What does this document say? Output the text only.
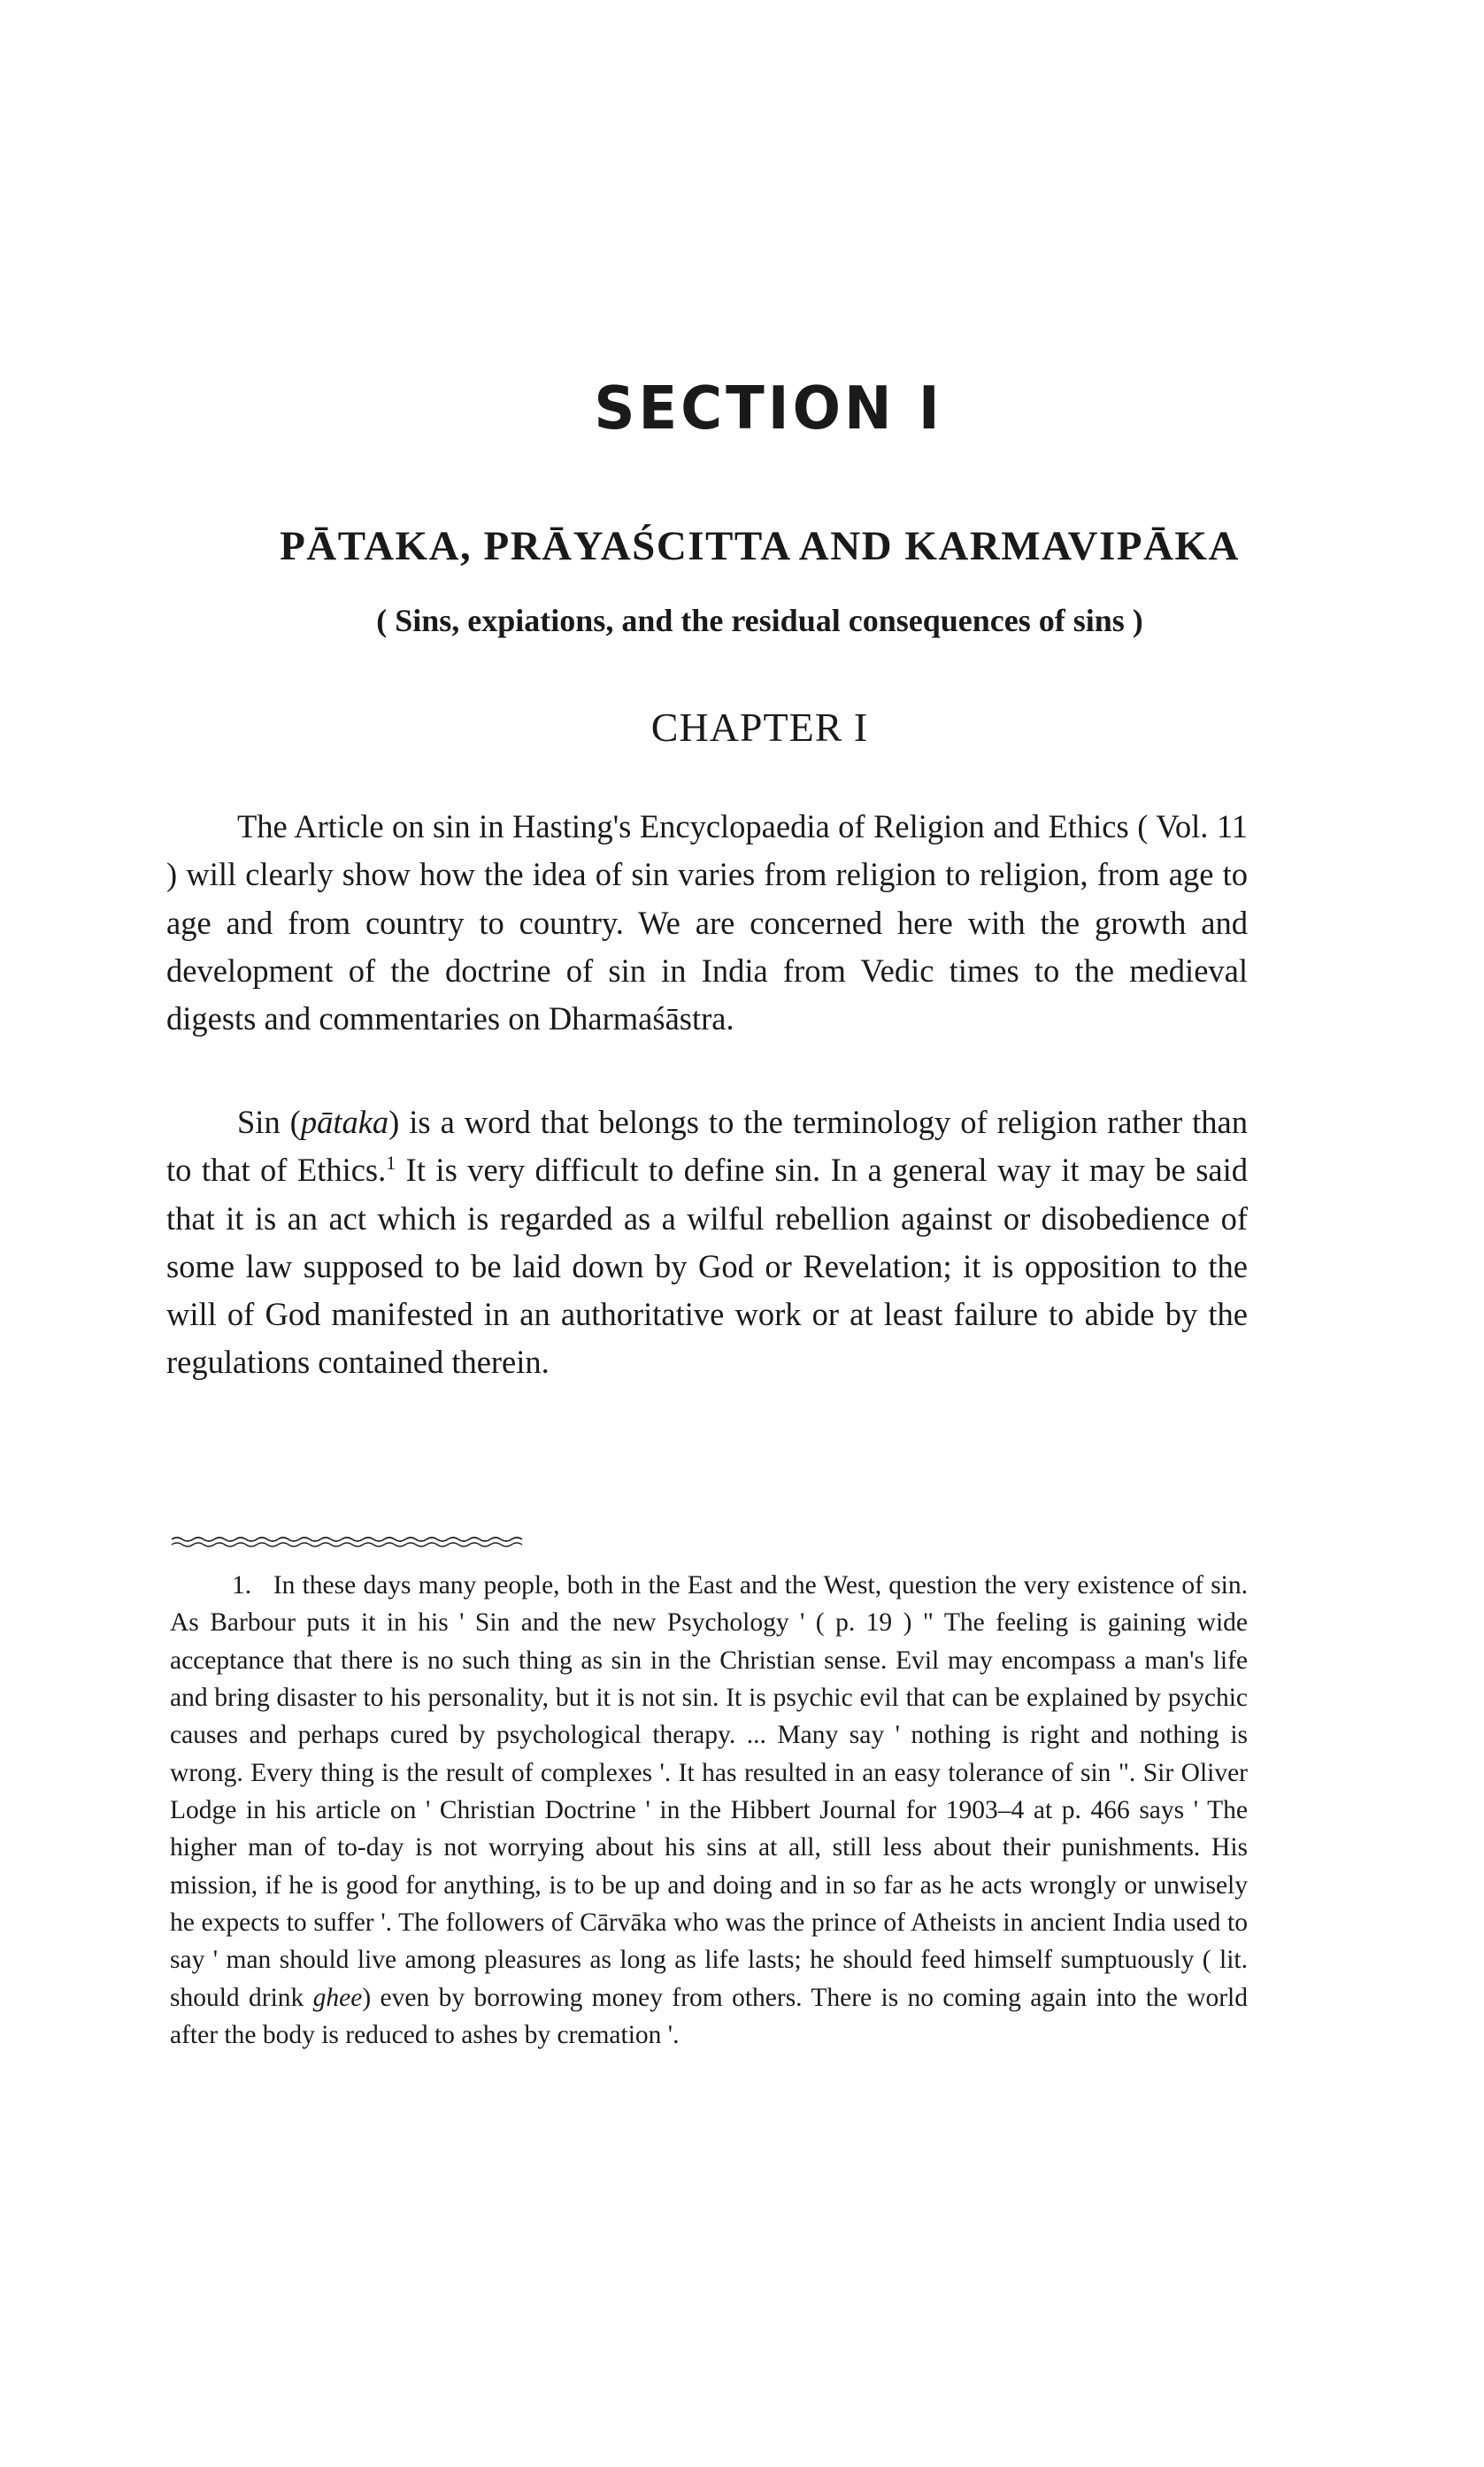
SECTION I
PĀTAKA, PRĀYAŚCITTA AND KARMAVIPĀKA
( Sins, expiations, and the residual consequences of sins )
CHAPTER I

The Article on sin in Hasting's Encyclopaedia of Religion and Ethics ( Vol. 11 ) will clearly show how the idea of sin varies from religion to religion, from age to age and from country to country. We are concerned here with the growth and development of the doctrine of sin in India from Vedic times to the medieval digests and commentaries on Dharmaśāstra.

Sin (pātaka) is a word that belongs to the terminology of religion rather than to that of Ethics.$^1$ It is very difficult to define sin. In a general way it may be said that it is an act which is regarded as a wilful rebellion against or disobedience of some law supposed to be laid down by God or Revelation; it is opposition to the will of God manifested in an authoritative work or at least failure to abide by the regulations contained therein.

1. In these days many people, both in the East and the West, question the very existence of sin. As Barbour puts it in his ' Sin and the new Psychology ' ( p. 19 ) " The feeling is gaining wide acceptance that there is no such thing as sin in the Christian sense. Evil may encompass a man's life and bring disaster to his personality, but it is not sin. It is psychic evil that can be explained by psychic causes and perhaps cured by psychological therapy. ... Many say ' nothing is right and nothing is wrong. Every thing is the result of complexes '. It has resulted in an easy tolerance of sin ". Sir Oliver Lodge in his article on ' Christian Doctrine ' in the Hibbert Journal for 1903–4 at p. 466 says ' The higher man of to-day is not worrying about his sins at all, still less about their punishments. His mission, if he is good for anything, is to be up and doing and in so far as he acts wrongly or unwisely he expects to suffer '. The followers of Cārvāka who was the prince of Atheists in ancient India used to say ' man should live among pleasures as long as life lasts; he should feed himself sumptuously ( lit. should drink ghee) even by borrowing money from others. There is no coming again into the world after the body is reduced to ashes by cremation '.
